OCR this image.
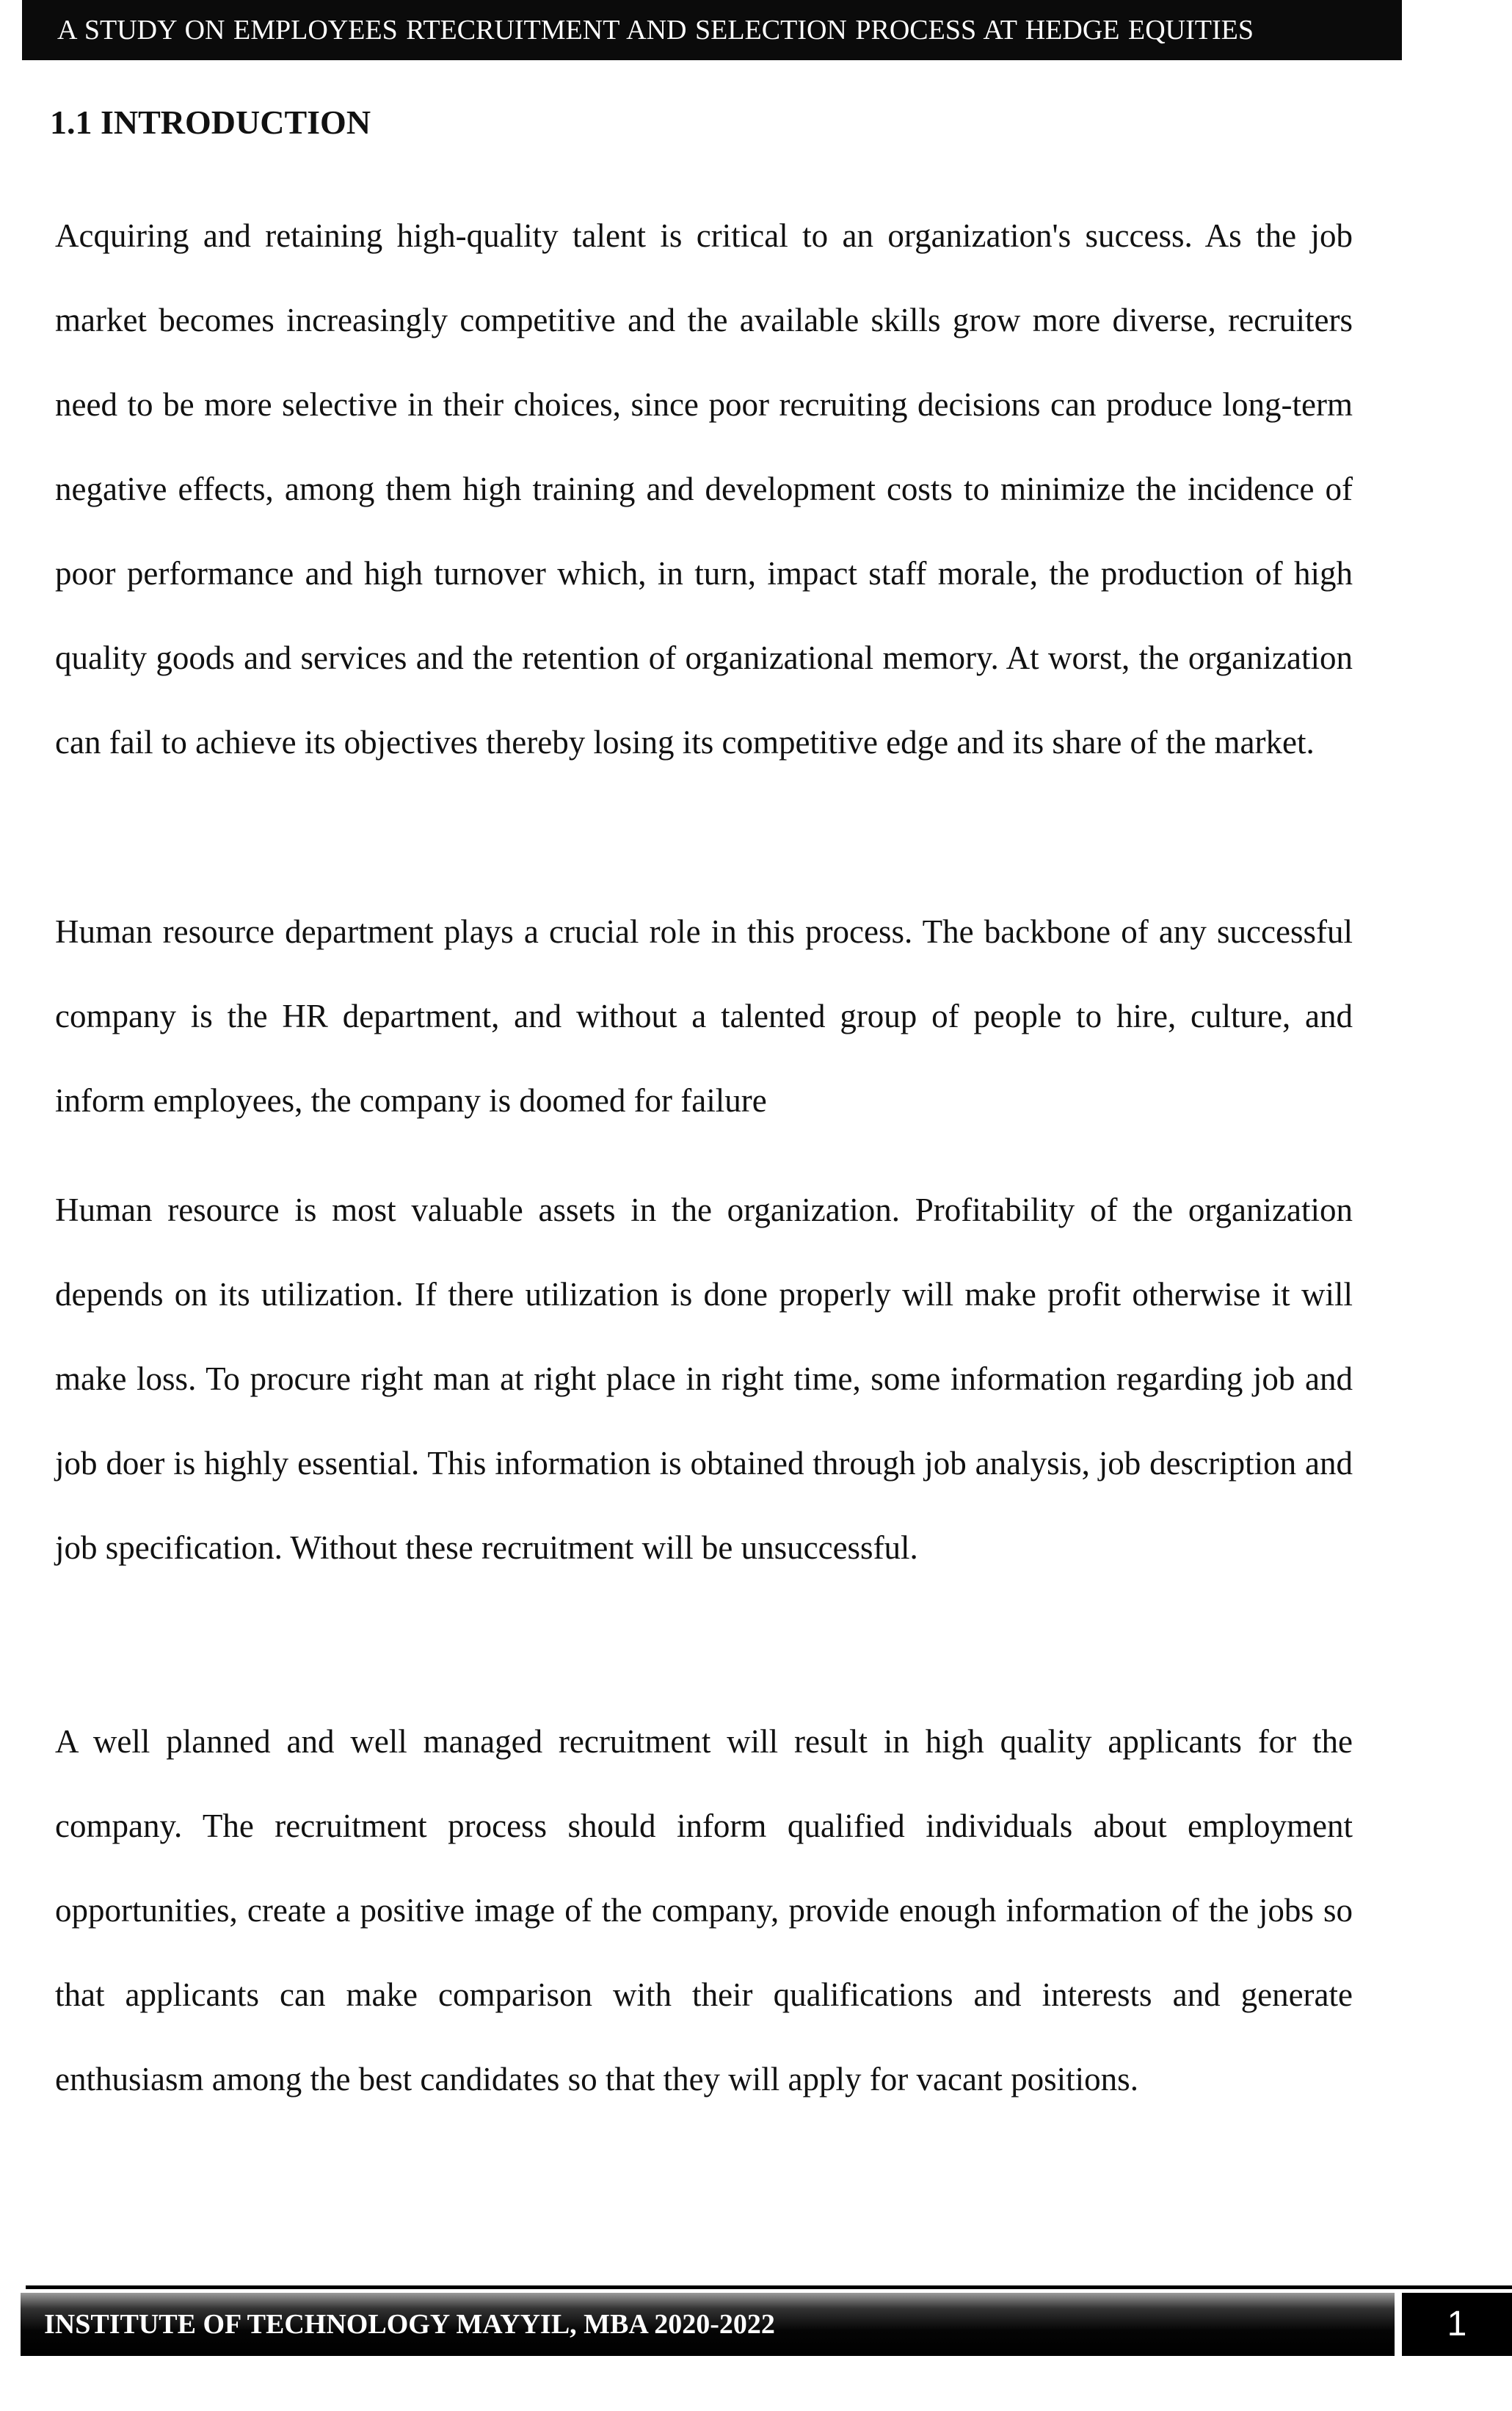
A STUDY ON EMPLOYEES RTECRUITMENT AND SELECTION PROCESS AT HEDGE EQUITIES
1.1 INTRODUCTION

Acquiring and retaining high-quality talent is critical to an organization's success. As the job market becomes increasingly competitive and the available skills grow more diverse, recruiters need to be more selective in their choices, since poor recruiting decisions can produce long-term negative effects, among them high training and development costs to minimize the incidence of poor performance and high turnover which, in turn, impact staff morale, the production of high quality goods and services and the retention of organizational memory. At worst, the organization can fail to achieve its objectives thereby losing its competitive edge and its share of the market.

Human resource department plays a crucial role in this process. The backbone of any successful company is the HR department, and without a talented group of people to hire, culture, and inform employees, the company is doomed for failure

Human resource is most valuable assets in the organization. Profitability of the organization depends on its utilization. If there utilization is done properly will make profit otherwise it will make loss. To procure right man at right place in right time, some information regarding job and job doer is highly essential. This information is obtained through job analysis, job description and job specification. Without these recruitment will be unsuccessful.

A well planned and well managed recruitment will result in high quality applicants for the company. The recruitment process should inform qualified individuals about employment opportunities, create a positive image of the company, provide enough information of the jobs so that applicants can make comparison with their qualifications and interests and generate enthusiasm among the best candidates so that they will apply for vacant positions.

INSTITUTE OF TECHNOLOGY MAYYIL, MBA 2020-2022	1
